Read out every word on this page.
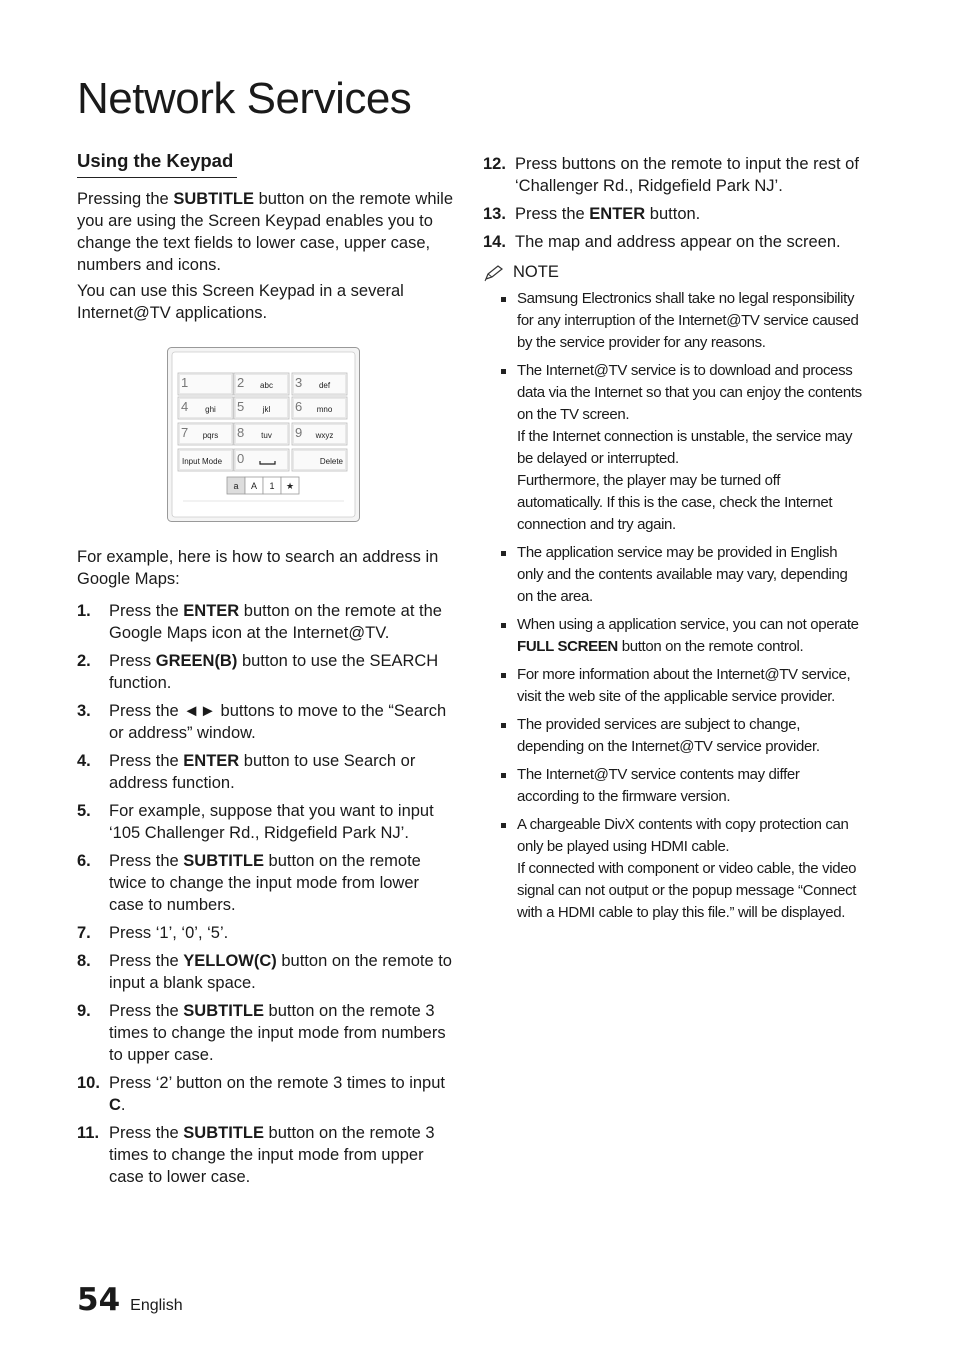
Network Services
Using the Keypad

Pressing the SUBTITLE button on the remote while you are using the Screen Keypad enables you to change the text fields to lower case, upper case, numbers and icons.

You can use this Screen Keypad in a several Internet@TV applications.

1	2 abc 3 def
4 ghi 5 jkl 6 mno
7 pqrs 8 tuv 9 wxyz
Input Mode 0	Delete
a A 1 ★

For example, here is how to search an address in Google Maps:

1. Press the ENTER button on the remote at the Google Maps icon at the Internet@TV.
2. Press GREEN(B) button to use the SEARCH function.
3. Press the ◄► buttons to move to the “Search or address” window.
4. Press the ENTER button to use Search or address function.
5. For example, suppose that you want to input ‘105 Challenger Rd., Ridgefield Park NJ’.
6. Press the SUBTITLE button on the remote twice to change the input mode from lower case to numbers.
7. Press ‘1’, ‘0’, ‘5’.
8. Press the YELLOW(C) button on the remote to input a blank space.
9. Press the SUBTITLE button on the remote 3 times to change the input mode from numbers to upper case.
10. Press ‘2’ button on the remote 3 times to input C.
11. Press the SUBTITLE button on the remote 3 times to change the input mode from upper case to lower case.
12. Press buttons on the remote to input the rest of ‘Challenger Rd., Ridgefield Park NJ’.
13. Press the ENTER button.
14. The map and address appear on the screen.
NOTE
Samsung Electronics shall take no legal responsibility for any interruption of the Internet@TV service caused by the service provider for any reasons.
The Internet@TV service is to download and process data via the Internet so that you can enjoy the contents on the TV screen.
If the Internet connection is unstable, the service may be delayed or interrupted.
Furthermore, the player may be turned off automatically. If this is the case, check the Internet connection and try again.
The application service may be provided in English only and the contents available may vary, depending on the area.
When using a application service, you can not operate FULL SCREEN button on the remote control.
For more information about the Internet@TV service, visit the web site of the applicable service provider.
The provided services are subject to change, depending on the Internet@TV service provider.
The Internet@TV service contents may differ according to the firmware version.
A chargeable DivX contents with copy protection can only be played using HDMI cable.
If connected with component or video cable, the video signal can not output or the popup message “Connect with a HDMI cable to play this file.” will be displayed.
54 English
